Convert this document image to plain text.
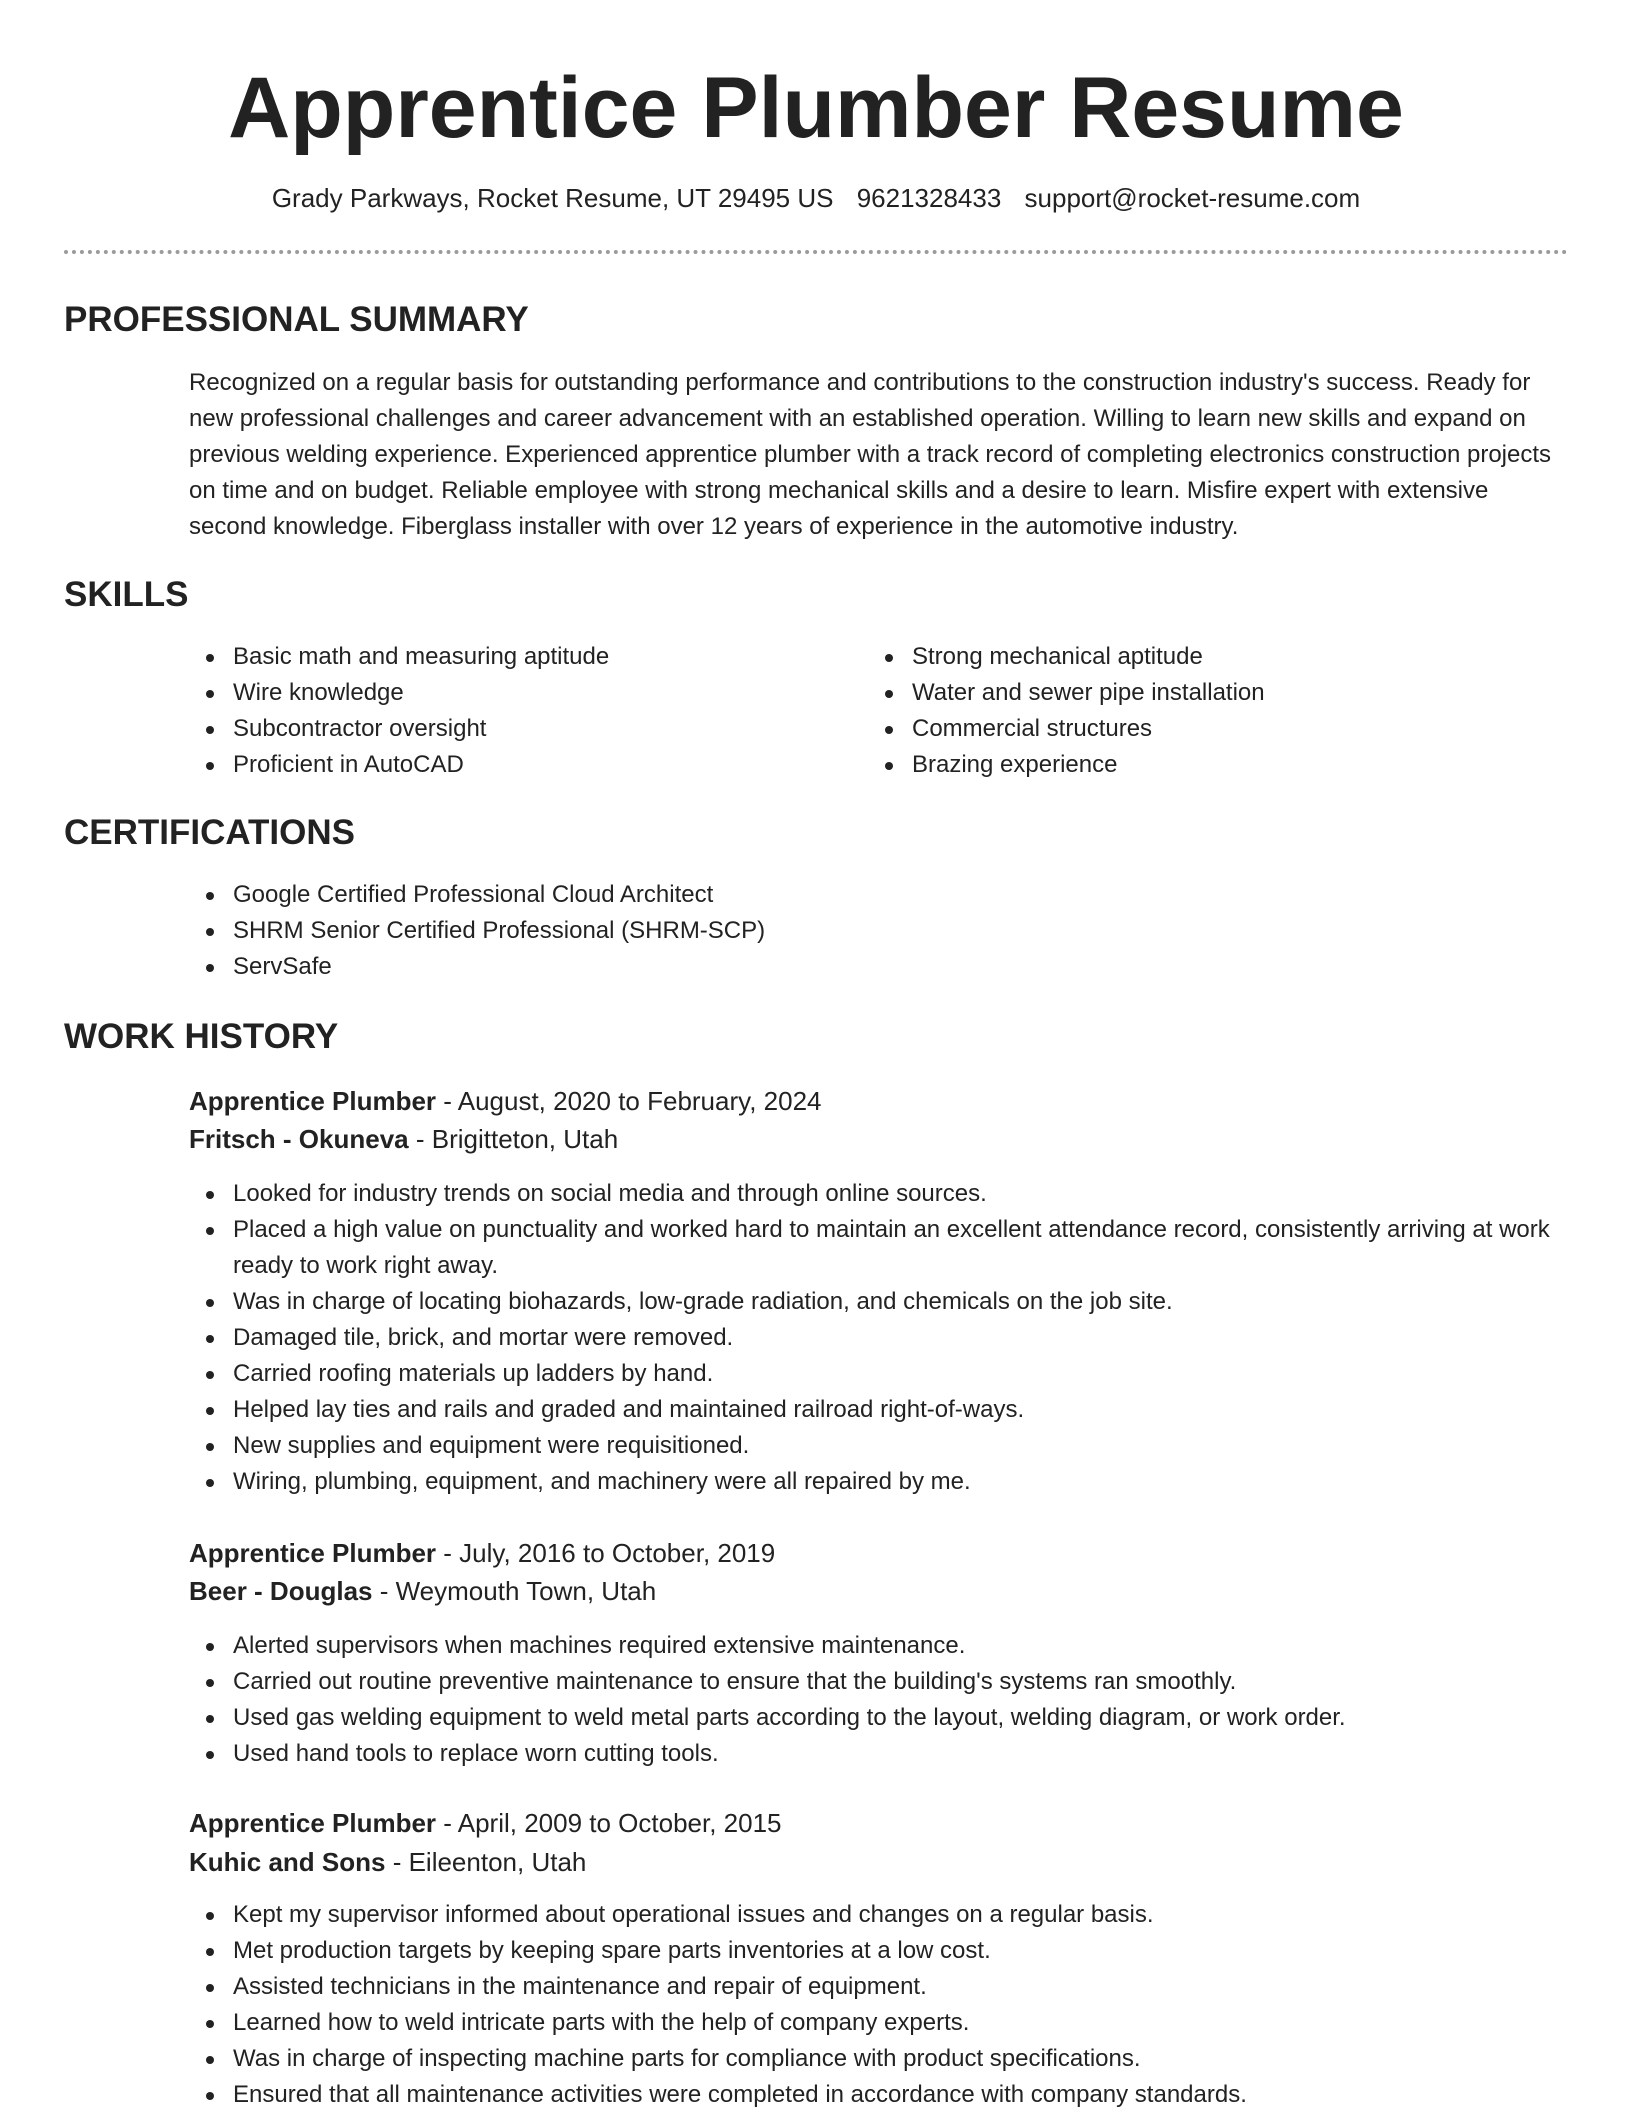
Apprentice Plumber Resume
Grady Parkways, Rocket Resume, UT 29495 US 9621328433 support@rocket-resume.com
PROFESSIONAL SUMMARY

Recognized on a regular basis for outstanding performance and contributions to the construction industry's success. Ready for new professional challenges and career advancement with an established operation. Willing to learn new skills and expand on previous welding experience. Experienced apprentice plumber with a track record of completing electronics construction projects on time and on budget. Reliable employee with strong mechanical skills and a desire to learn. Misfire expert with extensive second knowledge. Fiberglass installer with over 12 years of experience in the automotive industry.

SKILLS
Basic math and measuring aptitude
Wire knowledge
Subcontractor oversight
Proficient in AutoCAD
Strong mechanical aptitude
Water and sewer pipe installation
Commercial structures
Brazing experience
CERTIFICATIONS
Google Certified Professional Cloud Architect
SHRM Senior Certified Professional (SHRM-SCP)
ServSafe
WORK HISTORY
Apprentice Plumber - August, 2020 to February, 2024
Fritsch - Okuneva - Brigitteton, Utah
Looked for industry trends on social media and through online sources.
Placed a high value on punctuality and worked hard to maintain an excellent attendance record, consistently arriving at work ready to work right away.
Was in charge of locating biohazards, low-grade radiation, and chemicals on the job site.
Damaged tile, brick, and mortar were removed.
Carried roofing materials up ladders by hand.
Helped lay ties and rails and graded and maintained railroad right-of-ways.
New supplies and equipment were requisitioned.
Wiring, plumbing, equipment, and machinery were all repaired by me.
Apprentice Plumber - July, 2016 to October, 2019
Beer - Douglas - Weymouth Town, Utah
Alerted supervisors when machines required extensive maintenance.
Carried out routine preventive maintenance to ensure that the building's systems ran smoothly.
Used gas welding equipment to weld metal parts according to the layout, welding diagram, or work order.
Used hand tools to replace worn cutting tools.
Apprentice Plumber - April, 2009 to October, 2015
Kuhic and Sons - Eileenton, Utah
Kept my supervisor informed about operational issues and changes on a regular basis.
Met production targets by keeping spare parts inventories at a low cost.
Assisted technicians in the maintenance and repair of equipment.
Learned how to weld intricate parts with the help of company experts.
Was in charge of inspecting machine parts for compliance with product specifications.
Ensured that all maintenance activities were completed in accordance with company standards.
